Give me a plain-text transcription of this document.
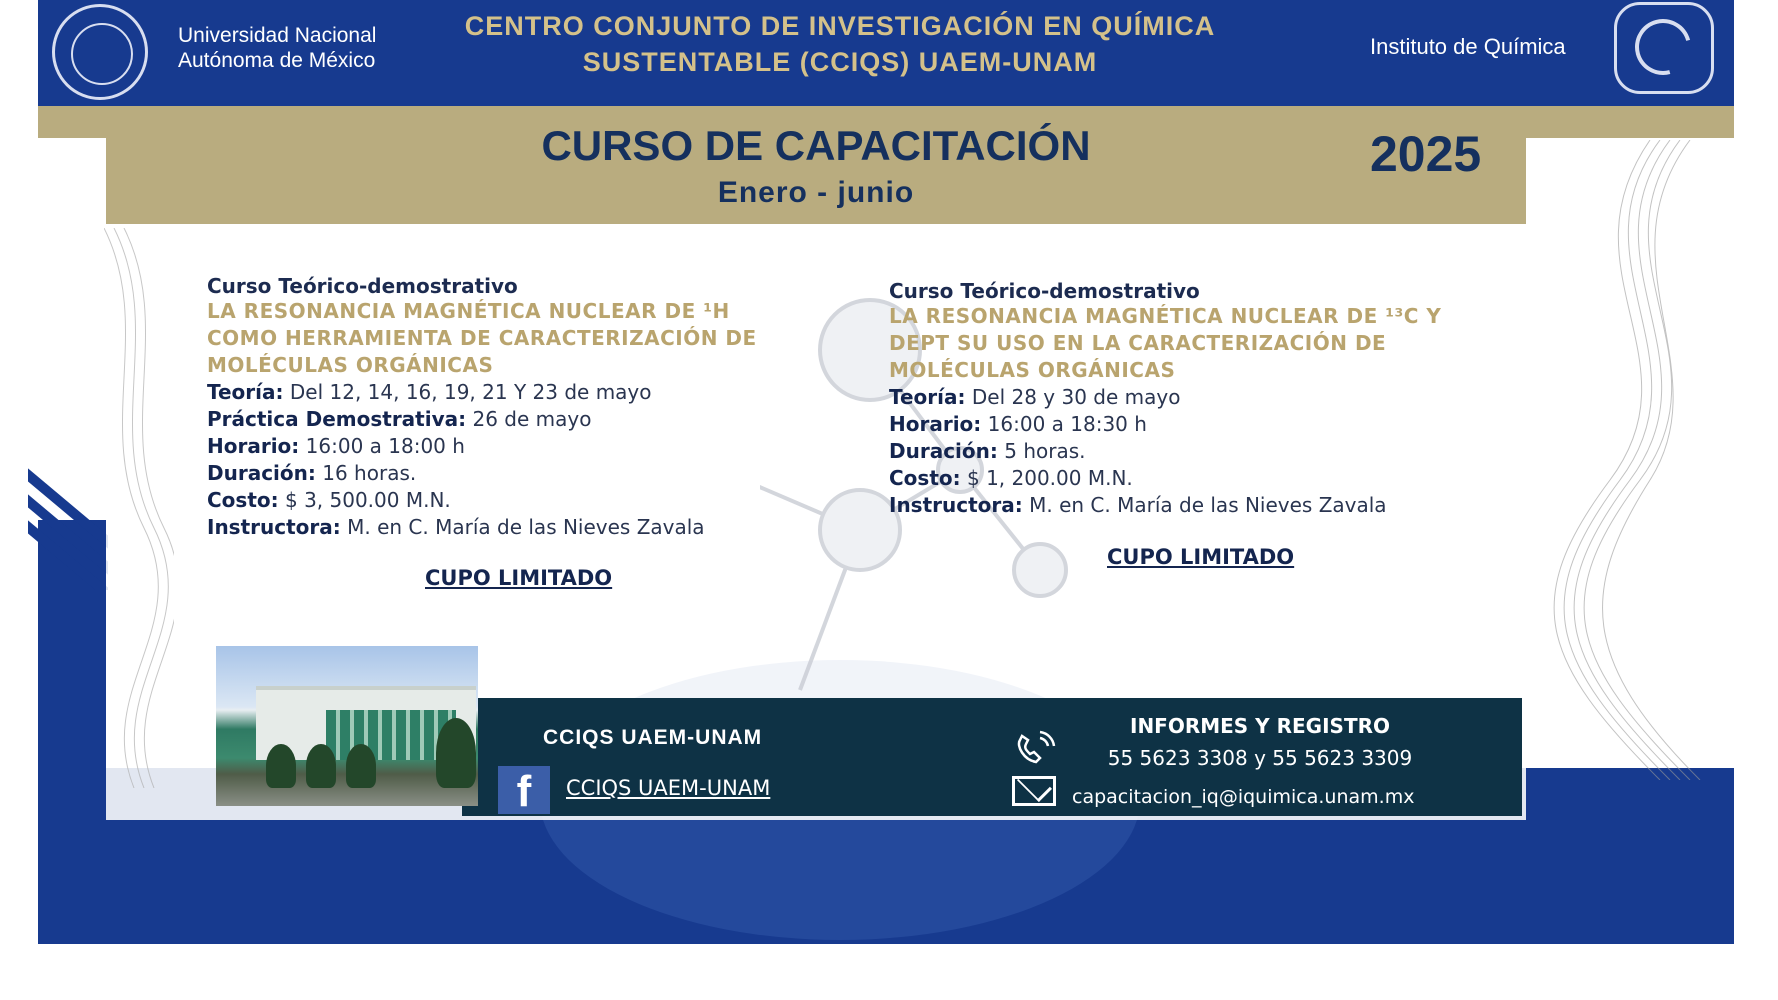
Universidad Nacional
Autónoma de México
CENTRO CONJUNTO DE INVESTIGACIÓN EN QUÍMICA
SUSTENTABLE (CCIQS) UAEM-UNAM
Instituto de Química
CURSO DE CAPACITACIÓN
Enero - junio
2025
Curso Teórico-demostrativo
LA RESONANCIA MAGNÉTICA NUCLEAR DE ¹H
COMO HERRAMIENTA DE CARACTERIZACIÓN DE
MOLÉCULAS ORGÁNICAS
Teoría: Del 12, 14, 16, 19, 21 Y 23 de mayo
Práctica Demostrativa: 26 de mayo
Horario: 16:00 a 18:00 h
Duración: 16 horas.
Costo: $ 3, 500.00 M.N.
Instructora: M. en C. María de las Nieves Zavala
CUPO LIMITADO
Curso Teórico-demostrativo
LA RESONANCIA MAGNÉTICA NUCLEAR DE ¹³C Y
DEPT SU USO EN LA CARACTERIZACIÓN DE
MOLÉCULAS ORGÁNICAS
Teoría: Del 28 y 30 de mayo
Horario: 16:00 a 18:30 h
Duración: 5 horas.
Costo: $ 1, 200.00 M.N.
Instructora: M. en C. María de las Nieves Zavala
CUPO LIMITADO
CCIQS UAEM-UNAM
f	CCIQS UAEM-UNAM
INFORMES Y REGISTRO
55 5623 3308 y 55 5623 3309
capacitacion_iq@iquimica.unam.mx
